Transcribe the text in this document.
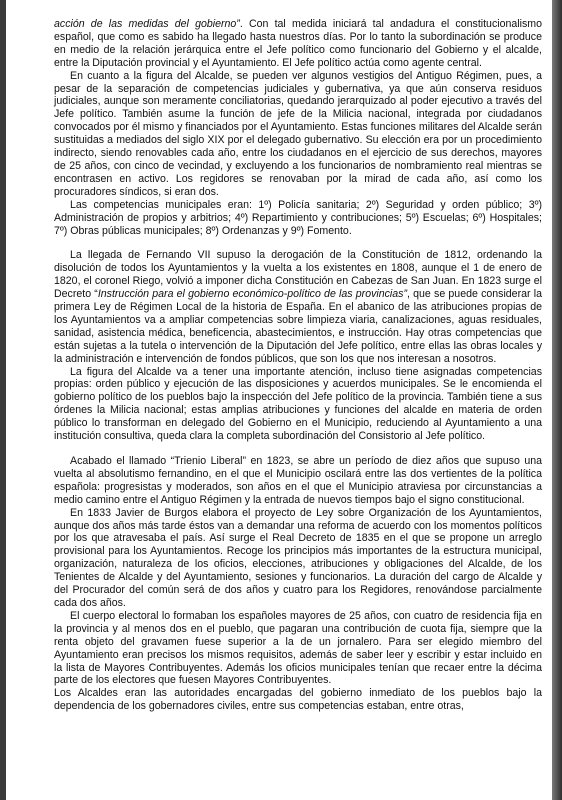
acción de las medidas del gobierno”. Con tal medida iniciará tal andadura el constitucionalismo español, que como es sabido ha llegado hasta nuestros días. Por lo tanto la subordinación se produce en medio de la relación jerárquica entre el Jefe político como funcionario del Gobierno y el alcalde, entre la Diputación provincial y el Ayuntamiento. El Jefe político actúa como agente central.

En cuanto a la figura del Alcalde, se pueden ver algunos vestigios del Antiguo Régimen, pues, a pesar de la separación de competencias judiciales y gubernativa, ya que aún conserva residuos judiciales, aunque son meramente conciliatorias, quedando jerarquizado al poder ejecutivo a través del Jefe político. También asume la función de jefe de la Milicia nacional, integrada por ciudadanos convocados por él mismo y financiados por el Ayuntamiento. Estas funciones militares del Alcalde serán sustituidas a mediados del siglo XIX por el delegado gubernativo. Su elección era por un procedimiento indirecto, siendo renovables cada año, entre los ciudadanos en el ejercicio de sus derechos, mayores de 25 años, con cinco de vecindad, y excluyendo a los funcionarios de nombramiento real mientras se encontrasen en activo. Los regidores se renovaban por la mirad de cada año, así como los procuradores síndicos, si eran dos.

Las competencias municipales eran: 1º) Policía sanitaria; 2º) Seguridad y orden público; 3º) Administración de propios y arbitrios; 4º) Repartimiento y contribuciones; 5º) Escuelas; 6º) Hospitales; 7º) Obras públicas municipales; 8º) Ordenanzas y 9º) Fomento.

La llegada de Fernando VII supuso la derogación de la Constitución de 1812, ordenando la disolución de todos los Ayuntamientos y la vuelta a los existentes en 1808, aunque el 1 de enero de 1820, el coronel Riego, volvió a imponer dicha Constitución en Cabezas de San Juan. En 1823 surge el Decreto “Instrucción para el gobierno económico-político de las provincias”, que se puede considerar la primera Ley de Régimen Local de la historia de España. En el abanico de las atribuciones propias de los Ayuntamientos va a ampliar competencias sobre limpieza viaria, canalizaciones, aguas residuales, sanidad, asistencia médica, beneficencia, abastecimientos, e instrucción. Hay otras competencias que están sujetas a la tutela o intervención de la Diputación del Jefe político, entre ellas las obras locales y la administración e intervención de fondos públicos, que son los que nos interesan a nosotros.

La figura del Alcalde va a tener una importante atención, incluso tiene asignadas competencias propias: orden público y ejecución de las disposiciones y acuerdos municipales. Se le encomienda el gobierno político de los pueblos bajo la inspección del Jefe político de la provincia. También tiene a sus órdenes la Milicia nacional; estas amplias atribuciones y funciones del alcalde en materia de orden público lo transforman en delegado del Gobierno en el Municipio, reduciendo al Ayuntamiento a una institución consultiva, queda clara la completa subordinación del Consistorio al Jefe político.

Acabado el llamado “Trienio Liberal” en 1823, se abre un período de diez años que supuso una vuelta al absolutismo fernandino, en el que el Municipio oscilará entre las dos vertientes de la política española: progresistas y moderados, son años en el que el Municipio atraviesa por circunstancias a medio camino entre el Antiguo Régimen y la entrada de nuevos tiempos bajo el signo constitucional.

En 1833 Javier de Burgos elabora el proyecto de Ley sobre Organización de los Ayuntamientos, aunque dos años más tarde éstos van a demandar una reforma de acuerdo con los momentos políticos por los que atravesaba el país. Así surge el Real Decreto de 1835 en el que se propone un arreglo provisional para los Ayuntamientos. Recoge los principios más importantes de la estructura municipal, organización, naturaleza de los oficios, elecciones, atribuciones y obligaciones del Alcalde, de los Tenientes de Alcalde y del Ayuntamiento, sesiones y funcionarios. La duración del cargo de Alcalde y del Procurador del común será de dos años y cuatro para los Regidores, renovándose parcialmente cada dos años.

El cuerpo electoral lo formaban los españoles mayores de 25 años, con cuatro de residencia fija en la provincia y al menos dos en el pueblo, que pagaran una contribución de cuota fija, siempre que la renta objeto del gravamen fuese superior a la de un jornalero. Para ser elegido miembro del Ayuntamiento eran precisos los mismos requisitos, además de saber leer y escribir y estar incluido en la lista de Mayores Contribuyentes. Además los oficios municipales tenían que recaer entre la décima parte de los electores que fuesen Mayores Contribuyentes.

Los Alcaldes eran las autoridades encargadas del gobierno inmediato de los pueblos bajo la dependencia de los gobernadores civiles, entre sus competencias estaban, entre otras,
